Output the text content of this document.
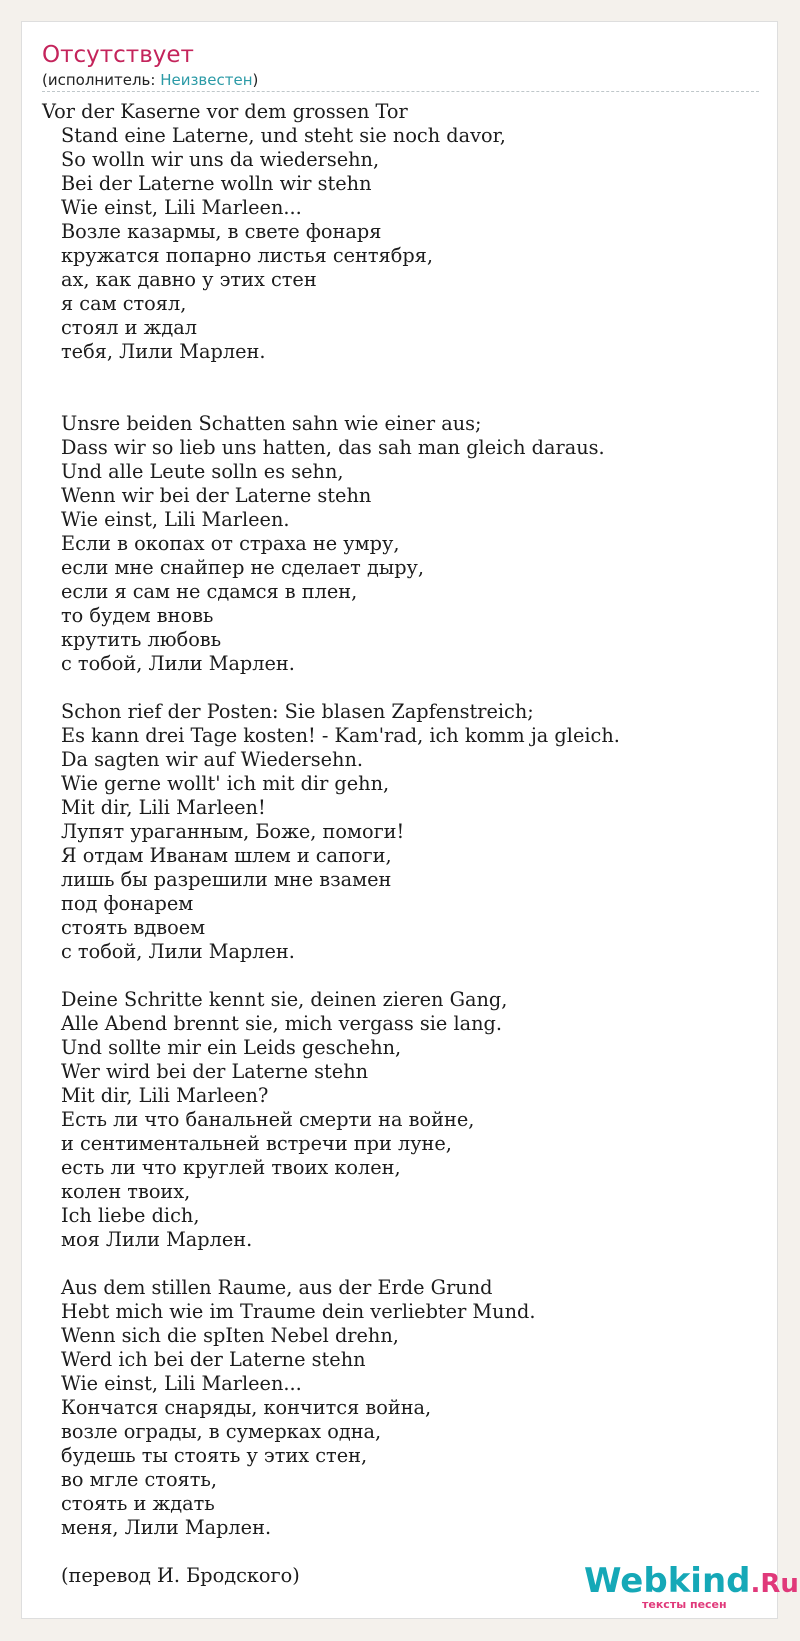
Отсутствует
(исполнитель: Неизвестен)
Vor der Kaserne vor dem grossen Tor
Stand eine Laterne, und steht sie noch davor,
So wolln wir uns da wiedersehn,
Bei der Laterne wolln wir stehn
Wie einst, Lili Marleen...
Возле казармы, в свете фонаря
кружатся попарно листья сентября,
ах, как давно у этих стен
я сам стоял,
стоял и ждал
тебя, Лили Марлен.
Unsre beiden Schatten sahn wie einer aus;
Dass wir so lieb uns hatten, das sah man gleich daraus.
Und alle Leute solln es sehn,
Wenn wir bei der Laterne stehn
Wie einst, Lili Marleen.
Если в окопах от страха не умру,
если мне снайпер не сделает дыру,
если я сам не сдамся в плен,
то будем вновь
крутить любовь
с тобой, Лили Марлен.
Schon rief der Posten: Sie blasen Zapfenstreich;
Es kann drei Tage kosten! - Kam'rad, ich komm ja gleich.
Da sagten wir auf Wiedersehn.
Wie gerne wollt' ich mit dir gehn,
Mit dir, Lili Marleen!
Лупят ураганным, Боже, помоги!
Я отдам Иванам шлем и сапоги,
лишь бы разрешили мне взамен
под фонарем
стоять вдвоем
с тобой, Лили Марлен.
Deine Schritte kennt sie, deinen zieren Gang,
Alle Abend brennt sie, mich vergass sie lang.
Und sollte mir ein Leids geschehn,
Wer wird bei der Laterne stehn
Mit dir, Lili Marleen?
Есть ли что банальней смерти на войне,
и сентиментальней встречи при луне,
есть ли что круглей твоих колен,
колен твоих,
Ich liebe dich,
моя Лили Марлен.
Aus dem stillen Raume, aus der Erde Grund
Hebt mich wie im Traume dein verliebter Mund.
Wenn sich die spIten Nebel drehn,
Werd ich bei der Laterne stehn
Wie einst, Lili Marleen...
Кончатся снаряды, кончится война,
возле ограды, в сумерках одна,
будешь ты стоять у этих стен,
во мгле стоять,
стоять и ждать
меня, Лили Марлен.
(перевод И. Бродского)	Webkind.Ru
тексты песен
